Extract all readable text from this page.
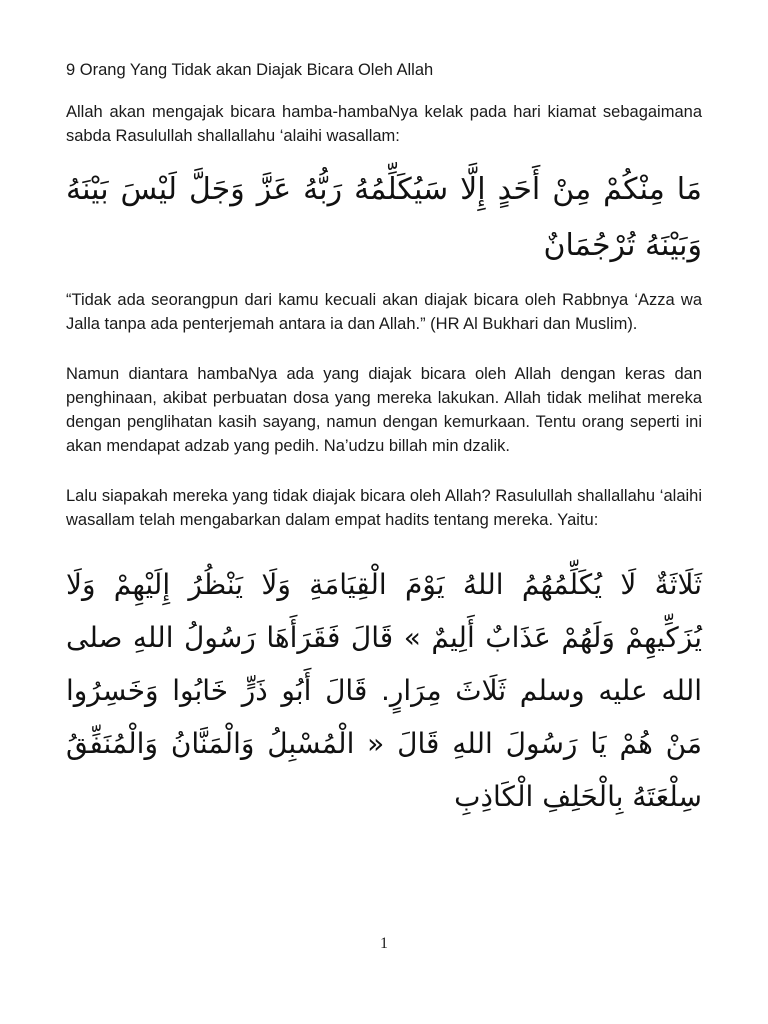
9 Orang Yang Tidak akan Diajak Bicara Oleh Allah

Allah akan mengajak bicara hamba-hambaNya kelak pada hari kiamat sebagaimana sabda Rasulullah shallallahu ‘alaihi wasallam:

مَا مِنْكُمْ مِنْ أَحَدٍ إِلَّا سَيُكَلِّمُهُ رَبُّهُ عَزَّ وَجَلَّ لَيْسَ بَيْنَهُ وَبَيْنَهُ تُرْجُمَانٌ

“Tidak ada seorangpun dari kamu kecuali akan diajak bicara oleh Rabbnya ‘Azza wa Jalla tanpa ada penterjemah antara ia dan Allah.” (HR Al Bukhari dan Muslim).

Namun diantara hambaNya ada yang diajak bicara oleh Allah dengan keras dan penghinaan, akibat perbuatan dosa yang mereka lakukan. Allah tidak melihat mereka dengan penglihatan kasih sayang, namun dengan kemurkaan. Tentu orang seperti ini akan mendapat adzab yang pedih. Na’udzu billah min dzalik.

Lalu siapakah mereka yang tidak diajak bicara oleh Allah? Rasulullah shallallahu ‘alaihi wasallam telah mengabarkan dalam empat hadits tentang mereka. Yaitu:

ثَلَاثَةٌ لَا يُكَلِّمُهُمُ اللهُ يَوْمَ الْقِيَامَةِ وَلَا يَنْظُرُ إِلَيْهِمْ وَلَا يُزَكِّيهِمْ وَلَهُمْ عَذَابٌ أَلِيمٌ » قَالَ فَقَرَأَهَا رَسُولُ اللهِ صلى الله عليه وسلم ثَلَاثَ مِرَارٍ. قَالَ أَبُو ذَرٍّ خَابُوا وَخَسِرُوا مَنْ هُمْ يَا رَسُولَ اللهِ قَالَ « الْمُسْبِلُ وَالْمَنَّانُ وَالْمُنَفِّقُ سِلْعَتَهُ بِالْحَلِفِ الْكَاذِبِ

1
